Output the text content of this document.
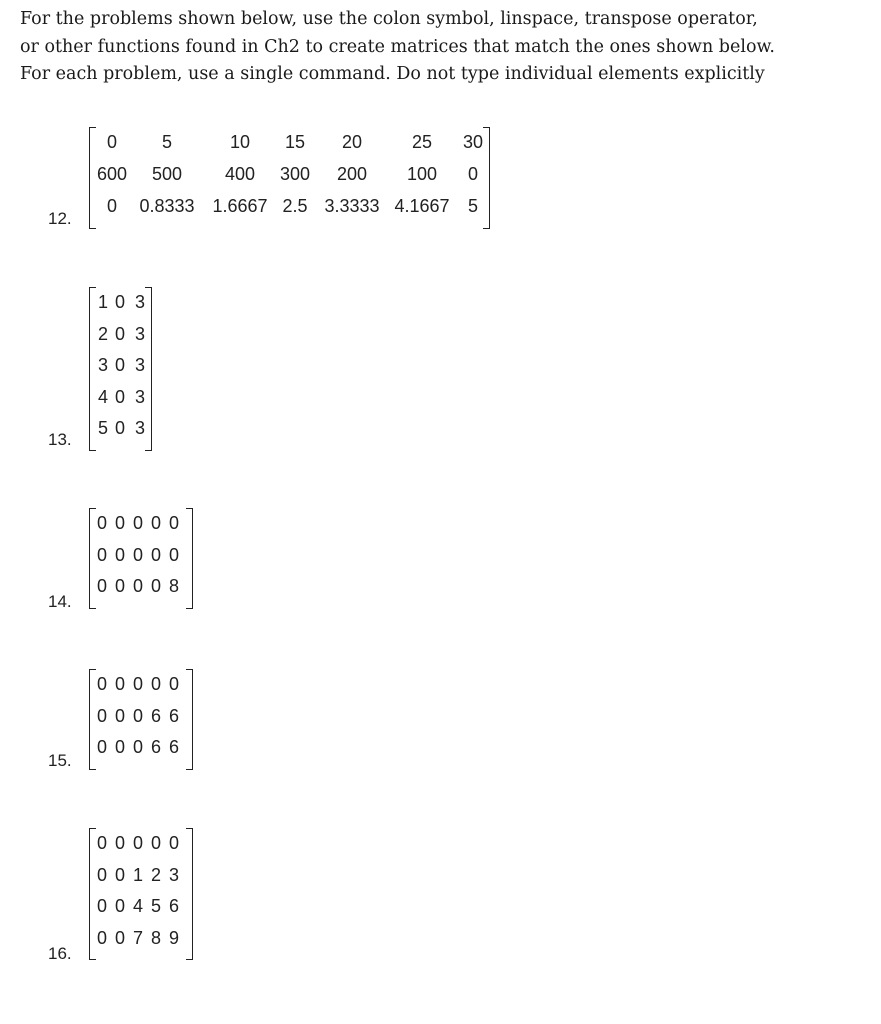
For the problems shown below, use the colon symbol, linspace, transpose operator,

or other functions found in Ch2 to create matrices that match the ones shown below.

For each problem, use a single command. Do not type individual elements explicitly

12.
0	5	10	15	20	25	30
600	500	400	300	200	100	0
0	0.8333 1.6667 2.5 3.3333 4.1667	5
13.
1 0 3
2 0 3
3 0 3
4 0 3
5 0 3
14.
0 0 0 0 0
0 0 0 0 0
0 0 0 0 8
15.
0 0 0 0 0
0 0 0 6 6
0 0 0 6 6
16.
0 0 0 0 0
0 0 1 2 3
0 0 4 5 6
0 0 7 8 9
